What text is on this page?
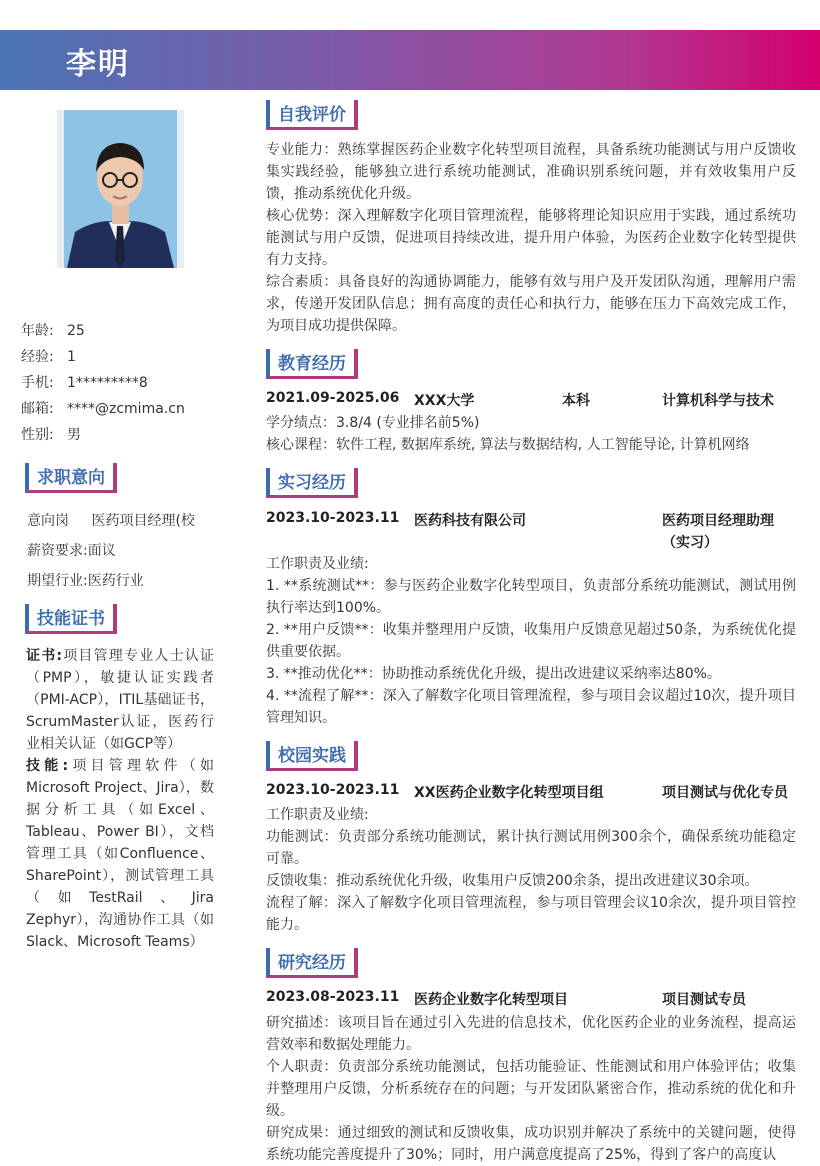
李明
年龄: 25
经验: 1
手机: 1*********8
邮箱: ****@zcmima.cn
性别: 男
求职意向
意向岗 医药项目经理(校
薪资要求:面议
期望行业:医药行业
技能证书
证书:项目管理专业人士认证（PMP），敏捷认证实践者（PMI-ACP），ITIL基础证书，ScrumMaster认证，医药行业相关认证（如GCP等）
技能:项目管理软件（如Microsoft Project、Jira），数据分析工具（如Excel、Tableau、Power BI），文档管理工具（如Confluence、SharePoint），测试管理工具（如TestRail、Jira Zephyr），沟通协作工具（如Slack、Microsoft Teams）
自我评价

专业能力：熟练掌握医药企业数字化转型项目流程，具备系统功能测试与用户反馈收集实践经验，能够独立进行系统功能测试，准确识别系统问题，并有效收集用户反馈，推动系统优化升级。

核心优势：深入理解数字化项目管理流程，能够将理论知识应用于实践，通过系统功能测试与用户反馈，促进项目持续改进，提升用户体验，为医药企业数字化转型提供有力支持。

综合素质：具备良好的沟通协调能力，能够有效与用户及开发团队沟通，理解用户需求，传递开发团队信息；拥有高度的责任心和执行力，能够在压力下高效完成工作，为项目成功提供保障。

教育经历
2021.09-2025.06 XXX大学	本科	计算机科学与技术

学分绩点：3.8/4 (专业排名前5%)

核心课程：软件工程, 数据库系统, 算法与数据结构, 人工智能导论, 计算机网络

实习经历
2023.10-2023.11 医药科技有限公司	医药项目经理助理
（实习）

工作职责及业绩:

1. **系统测试**：参与医药企业数字化转型项目，负责部分系统功能测试，测试用例执行率达到100%。

2. **用户反馈**：收集并整理用户反馈，收集用户反馈意见超过50条，为系统优化提供重要依据。

3. **推动优化**：协助推动系统优化升级，提出改进建议采纳率达80%。

4. **流程了解**：深入了解数字化项目管理流程，参与项目会议超过10次，提升项目管理知识。

校园实践
2023.10-2023.11 XX医药企业数字化转型项目组	项目测试与优化专员

工作职责及业绩:

功能测试：负责部分系统功能测试，累计执行测试用例300余个，确保系统功能稳定可靠。

反馈收集：推动系统优化升级，收集用户反馈200余条，提出改进建议30余项。

流程了解：深入了解数字化项目管理流程，参与项目管理会议10余次，提升项目管控能力。

研究经历
2023.08-2023.11 医药企业数字化转型项目	项目测试专员

研究描述：该项目旨在通过引入先进的信息技术，优化医药企业的业务流程，提高运营效率和数据处理能力。

个人职责：负责部分系统功能测试，包括功能验证、性能测试和用户体验评估；收集并整理用户反馈，分析系统存在的问题；与开发团队紧密合作，推动系统的优化和升级。

研究成果：通过细致的测试和反馈收集，成功识别并解决了系统中的关键问题，使得系统功能完善度提升了30%；同时，用户满意度提高了25%，得到了客户的高度认
